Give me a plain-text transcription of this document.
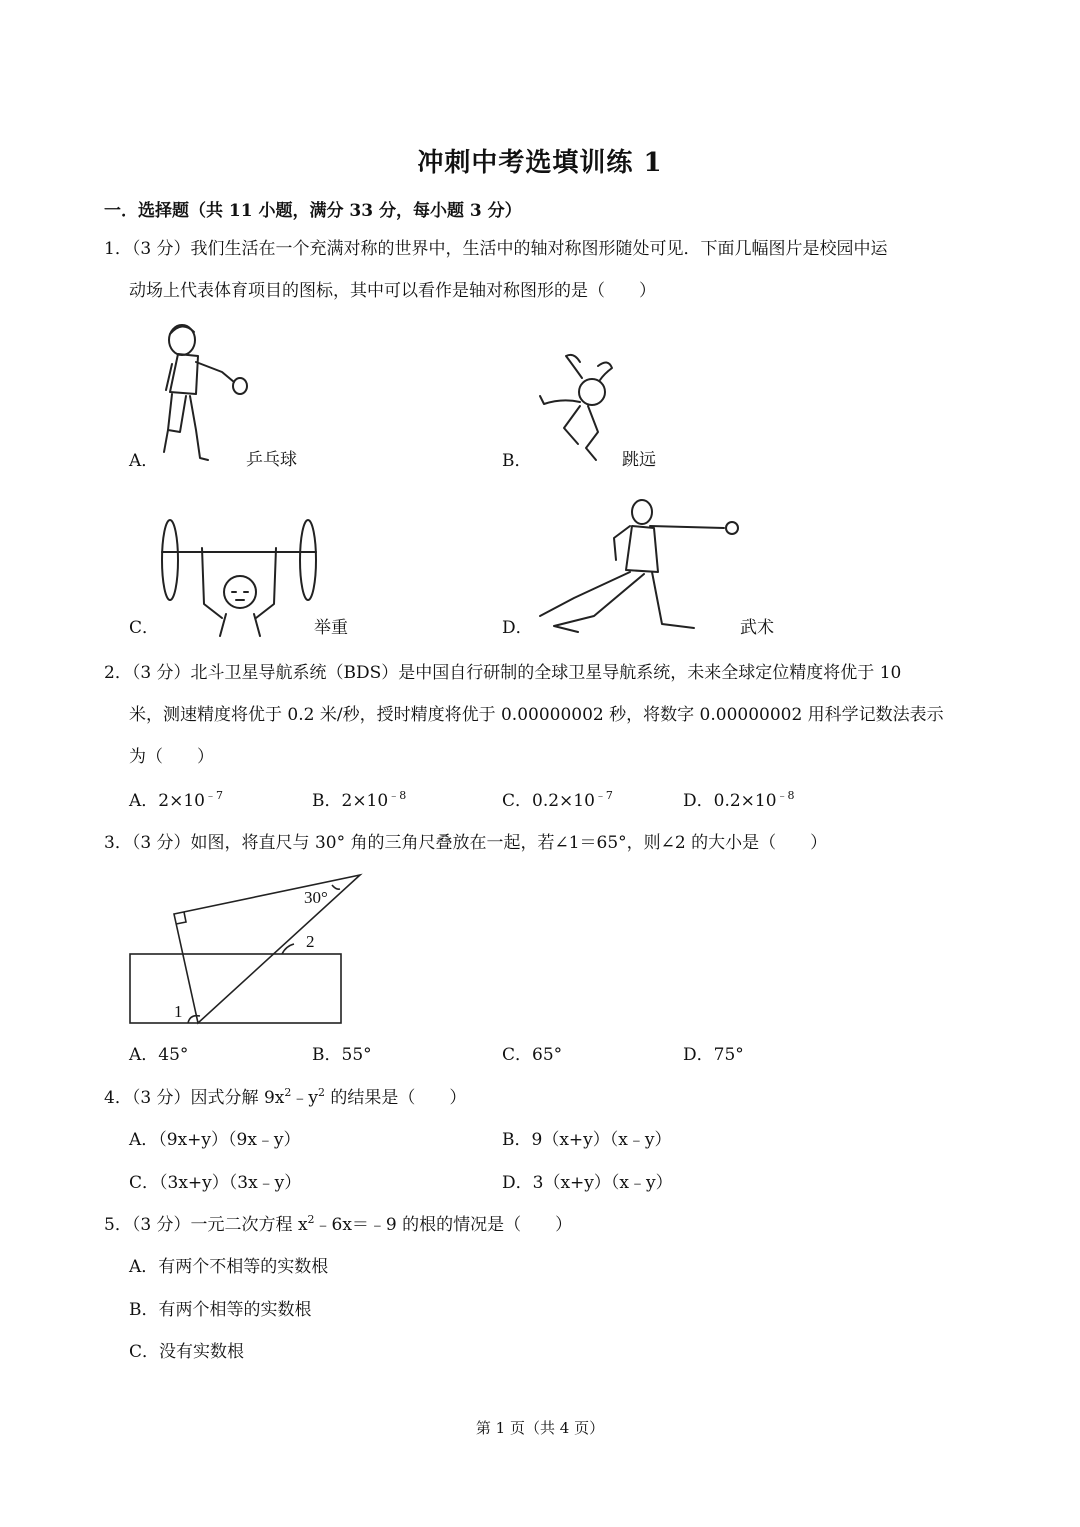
冲刺中考选填训练 1
一．选择题（共 11 小题，满分 33 分，每小题 3 分）
1．（3 分）我们生活在一个充满对称的世界中，生活中的轴对称图形随处可见．下面几幅图片是校园中运
动场上代表体育项目的图标，其中可以看作是轴对称图形的是（　　）
A．	乒乓球	B．	跳远
C．	举重	D．	武术
2．（3 分）北斗卫星导航系统（BDS）是中国自行研制的全球卫星导航系统，未来全球定位精度将优于 10
米，测速精度将优于 0.2 米/秒，授时精度将优于 0.00000002 秒，将数字 0.00000002 用科学记数法表示
为（　　）
A．$2\times 10^{﹣7}$	B．$2\times 10^{﹣8}$	C．$0.2\times 10^{﹣7}$	D．$0.2\times 10^{﹣8}$
3．（3 分）如图，将直尺与 30° 角的三角尺叠放在一起，若∠1＝65°，则∠2 的大小是（　　）
30°
2
1
A．45°	B．55°	C．65°	D．75°
4．（3 分）因式分解 $9x^2﹣y^2$ 的结果是（　　）
A．（9x+y）（9x﹣y）	B．9（x+y）（x﹣y）
C．（3x+y）（3x﹣y）	D．3（x+y）（x﹣y）
5．（3 分）一元二次方程 $x^2﹣6x=﹣9$ 的根的情况是（　　）
A．有两个不相等的实数根
B．有两个相等的实数根
C．没有实数根
第 1 页（共 4 页）
